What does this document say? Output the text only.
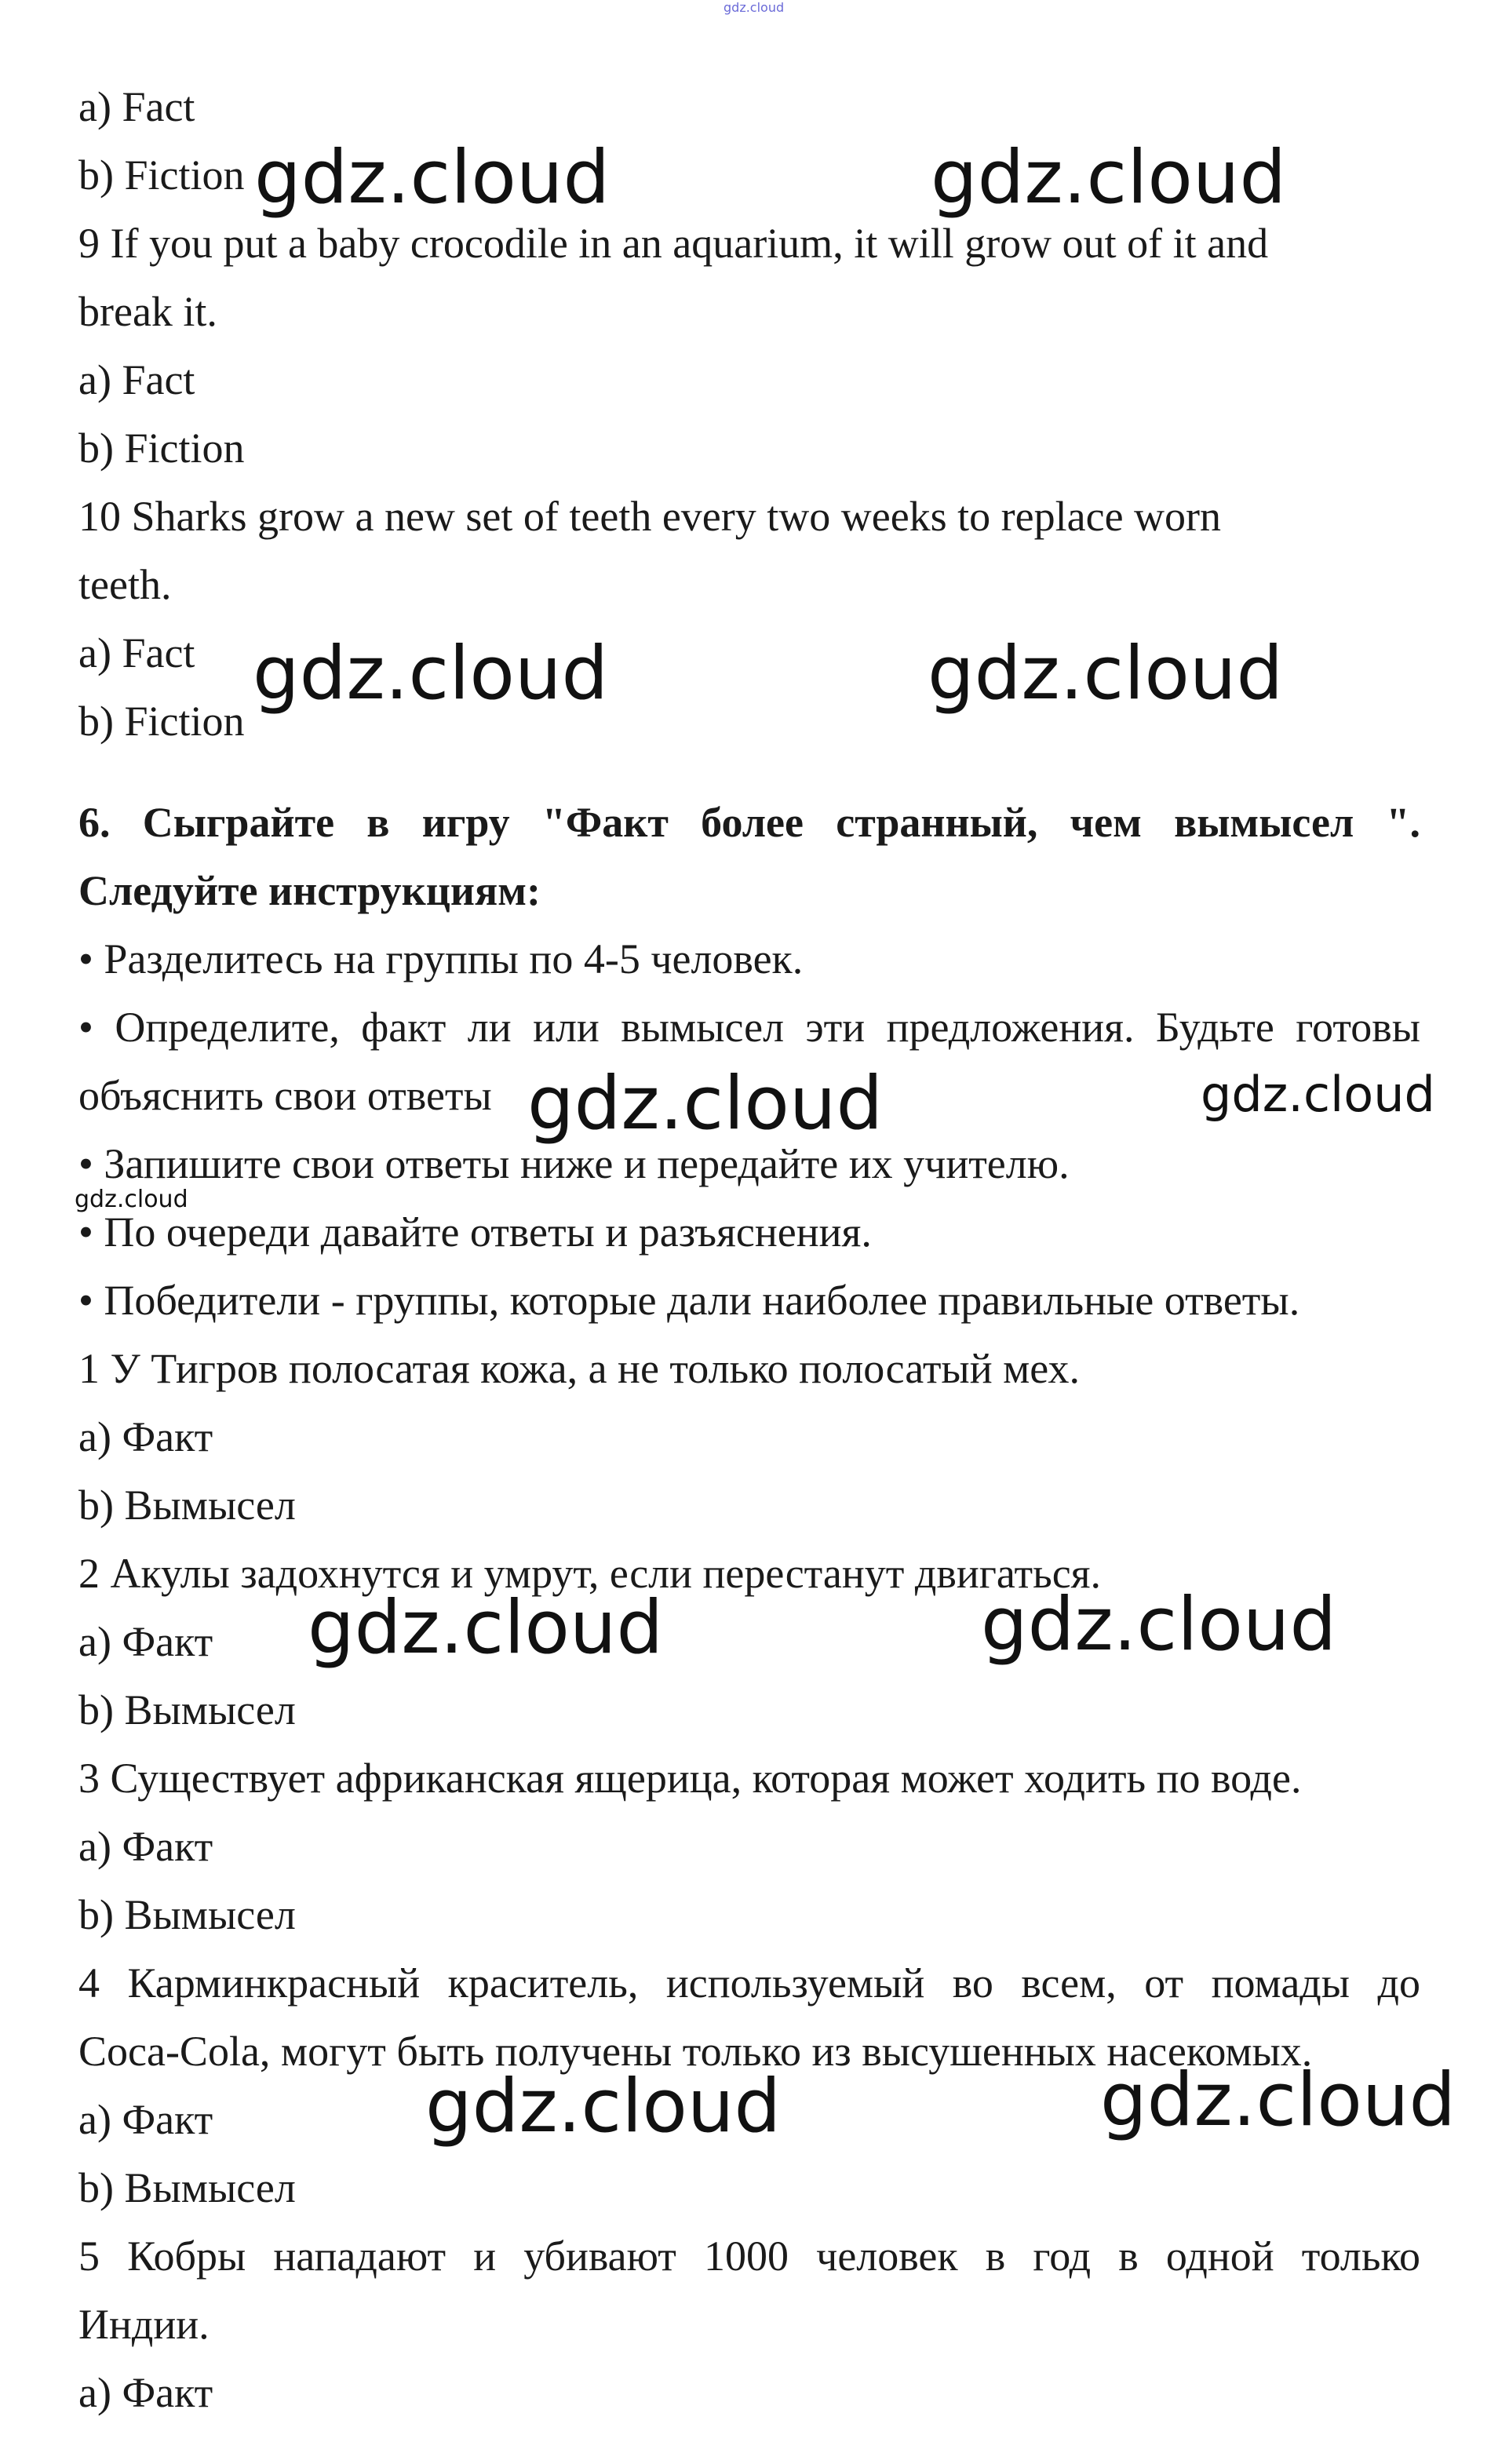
gdz.cloud
a) Fact
b) Fiction
9 If you put a baby crocodile in an aquarium, it will grow out of it and
break it.
a) Fact
b) Fiction
10 Sharks grow a new set of teeth every two weeks to replace worn
teeth.
a) Fact
b) Fiction
6. Сыграйте в игру "Факт более странный, чем вымысел ".
Следуйте инструкциям:
• Разделитесь на группы по 4-5 человек.
• Определите, факт ли или вымысел эти предложения. Будьте готовы
объяснить свои ответы
• Запишите свои ответы ниже и передайте их учителю.
• По очереди давайте ответы и разъяснения.
• Победители - группы, которые дали наиболее правильные ответы.
1 У Тигров полосатая кожа, а не только полосатый мех.
a) Факт
b) Вымысел
2 Акулы задохнутся и умрут, если перестанут двигаться.
a) Факт
b) Вымысел
3 Существует африканская ящерица, которая может ходить по воде.
a) Факт
b) Вымысел
4 Карминкрасный краситель, используемый во всем, от помады до
Coca-Cola, могут быть получены только из высушенных насекомых.
a) Факт
b) Вымысел
5 Кобры нападают и убивают 1000 человек в год в одной только
Индии.
a) Факт
gdz.cloud	gdz.cloud
gdz.cloud	gdz.cloud
gdz.cloud	gdz.cloud
gdz.cloud
gdz.cloud	gdz.cloud
gdz.cloud	gdz.cloud
